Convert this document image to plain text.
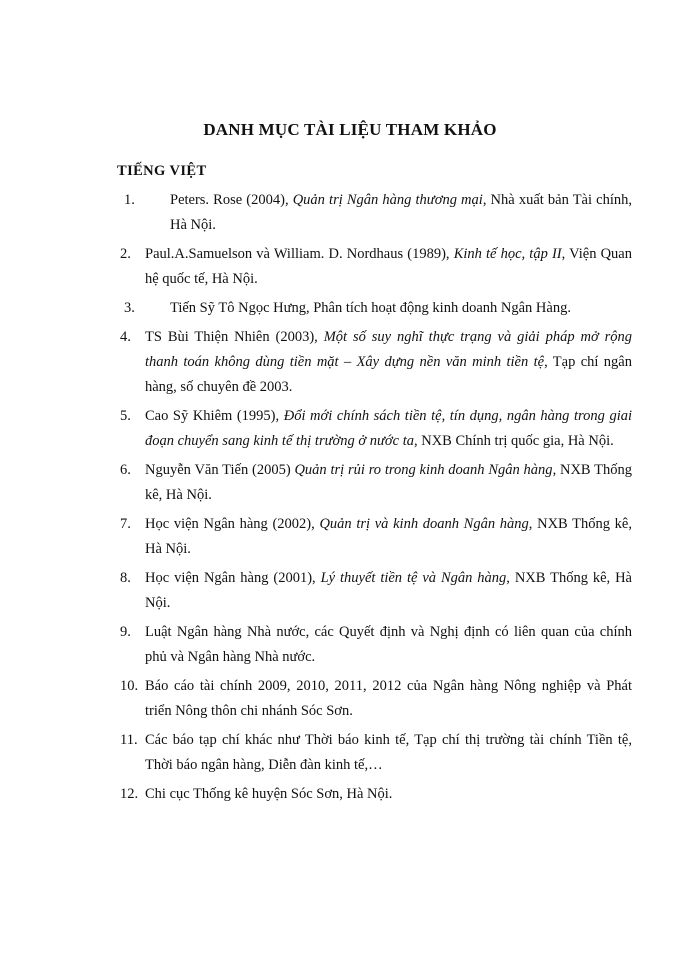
DANH MỤC TÀI LIỆU THAM KHẢO
TIẾNG VIỆT
1. Peters. Rose (2004), Quản trị Ngân hàng thương mại, Nhà xuất bản Tài chính, Hà Nội.
2. Paul.A.Samuelson và William. D. Nordhaus (1989), Kinh tế học, tập II, Viện Quan hệ quốc tế, Hà Nội.
3. Tiến Sỹ Tô Ngọc Hưng, Phân tích hoạt động kinh doanh Ngân Hàng.
4. TS Bùi Thiện Nhiên (2003), Một số suy nghĩ thực trạng và giải pháp mở rộng thanh toán không dùng tiền mặt – Xây dựng nền văn minh tiền tệ, Tạp chí ngân hàng, số chuyên đề 2003.
5. Cao Sỹ Khiêm (1995), Đổi mới chính sách tiền tệ, tín dụng, ngân hàng trong giai đoạn chuyển sang kinh tế thị trường ở nước ta, NXB Chính trị quốc gia, Hà Nội.
6. Nguyễn Văn Tiến (2005) Quản trị rủi ro trong kinh doanh Ngân hàng, NXB Thống kê, Hà Nội.
7. Học viện Ngân hàng (2002), Quản trị và kinh doanh Ngân hàng, NXB Thống kê, Hà Nội.
8. Học viện Ngân hàng (2001), Lý thuyết tiền tệ và Ngân hàng, NXB Thống kê, Hà Nội.
9. Luật Ngân hàng Nhà nước, các Quyết định và Nghị định có liên quan của chính phủ và Ngân hàng Nhà nước.
10. Báo cáo tài chính 2009, 2010, 2011, 2012 của Ngân hàng Nông nghiệp và Phát triển Nông thôn chi nhánh Sóc Sơn.
11. Các báo tạp chí khác như Thời báo kinh tế, Tạp chí thị trường tài chính Tiền tệ, Thời báo ngân hàng, Diễn đàn kinh tế,…
12. Chi cục Thống kê huyện Sóc Sơn, Hà Nội.
